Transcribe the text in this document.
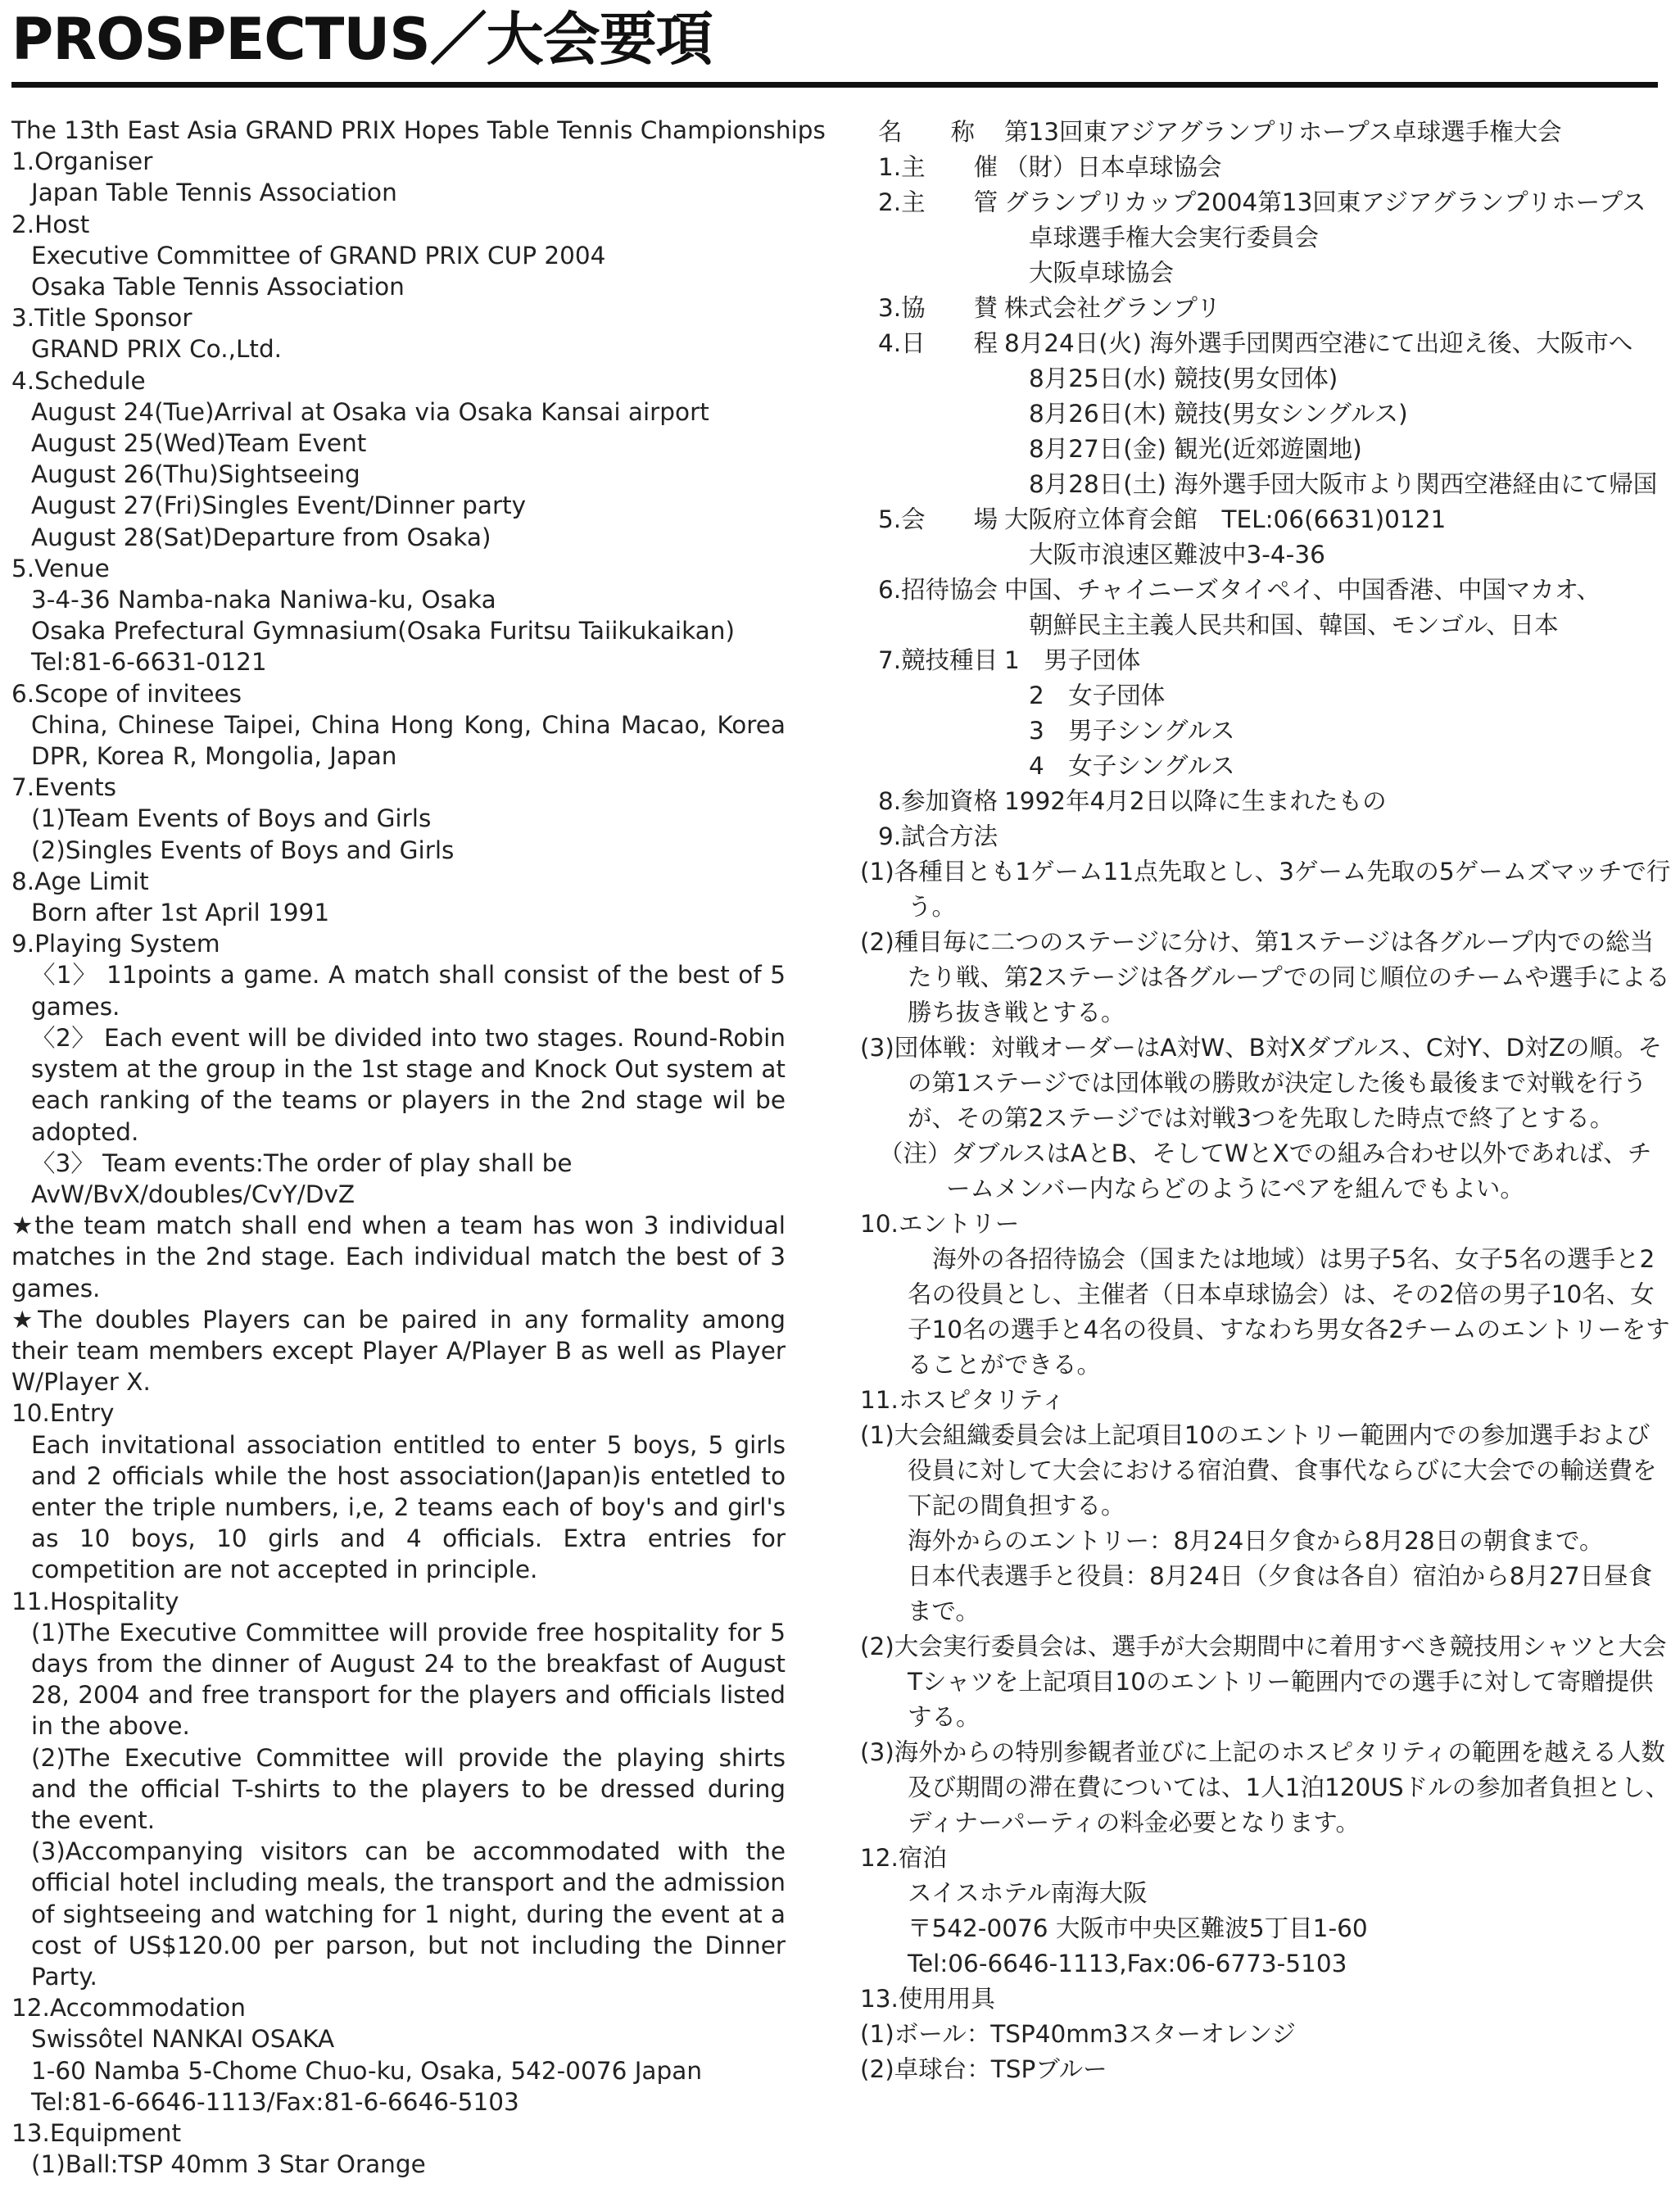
PROSPECTUS／大会要項
The 13th East Asia GRAND PRIX Hopes Table Tennis Championships
1.Organiser
Japan Table Tennis Association
2.Host
Executive Committee of GRAND PRIX CUP 2004
Osaka Table Tennis Association
3.Title Sponsor
GRAND PRIX Co.,Ltd.
4.Schedule
August 24(Tue)Arrival at Osaka via Osaka Kansai airport
August 25(Wed)Team Event
August 26(Thu)Sightseeing
August 27(Fri)Singles Event/Dinner party
August 28(Sat)Departure from Osaka)
5.Venue
3-4-36 Namba-naka Naniwa-ku, Osaka
Osaka Prefectural Gymnasium(Osaka Furitsu Taiikukaikan)
Tel:81-6-6631-0121
6.Scope of invitees
China, Chinese Taipei, China Hong Kong, China Macao, Korea DPR, Korea R, Mongolia, Japan
7.Events
(1)Team Events of Boys and Girls
(2)Singles Events of Boys and Girls
8.Age Limit
Born after 1st April 1991
9.Playing System
〈1〉 11points a game. A match shall consist of the best of 5 games.
〈2〉 Each event will be divided into two stages. Round-Robin system at the group in the 1st stage and Knock Out system at each ranking of the teams or players in the 2nd stage wil be adopted.
〈3〉 Team events:The order of play shall be
AvW/BvX/doubles/CvY/DvZ
★the team match shall end when a team has won 3 individual matches in the 2nd stage. Each individual match the best of 3 games.
★The doubles Players can be paired in any formality among their team members except Player A/Player B as well as Player W/Player X.
10.Entry
Each invitational association entitled to enter 5 boys, 5 girls and 2 officials while the host association(Japan)is entetled to enter the triple numbers, i,e, 2 teams each of boy's and girl's as 10 boys, 10 girls and 4 officials. Extra entries for competition are not accepted in principle.
11.Hospitality
(1)The Executive Committee will provide free hospitality for 5 days from the dinner of August 24 to the breakfast of August 28, 2004 and free transport for the players and officials listed in the above.
(2)The Executive Committee will provide the playing shirts and the official T-shirts to the players to be dressed during the event.
(3)Accompanying visitors can be accommodated with the official hotel including meals, the transport and the admission of sightseeing and watching for 1 night, during the event at a cost of US$120.00 per parson, but not including the Dinner Party.
12.Accommodation
Swissôtel NANKAI OSAKA
1-60 Namba 5-Chome Chuo-ku, Osaka, 542-0076 Japan
Tel:81-6-6646-1113/Fax:81-6-6646-5103
13.Equipment
(1)Ball:TSP 40mm 3 Star Orange
名　　称	第13回東アジアグランプリホープス卓球選手権大会
1.主　　催 （財）日本卓球協会
2.主　　管 グランプリカップ2004第13回東アジアグランプリホープス
卓球選手権大会実行委員会
大阪卓球協会
3.協　　賛 株式会社グランプリ
4.日　　程 8月24日(火) 海外選手団関西空港にて出迎え後、大阪市へ
8月25日(水) 競技(男女団体)
8月26日(木) 競技(男女シングルス)
8月27日(金) 観光(近郊遊園地)
8月28日(土) 海外選手団大阪市より関西空港経由にて帰国
5.会　　場 大阪府立体育会館　TEL:06(6631)0121
大阪市浪速区難波中3-4-36
6.招待協会 中国、チャイニーズタイペイ、中国香港、中国マカオ、
朝鮮民主主義人民共和国、韓国、モンゴル、日本
7.競技種目 1　男子団体
2　女子団体
3　男子シングルス
4　女子シングルス
8.参加資格 1992年4月2日以降に生まれたもの
9.試合方法
(1)各種目とも1ゲーム11点先取とし、3ゲーム先取の5ゲームズマッチで行う。
(2)種目毎に二つのステージに分け、第1ステージは各グループ内での総当たり戦、第2ステージは各グループでの同じ順位のチームや選手による勝ち抜き戦とする。
(3)団体戦：対戦オーダーはA対W、B対Xダブルス、C対Y、D対Zの順。その第1ステージでは団体戦の勝敗が決定した後も最後まで対戦を行うが、その第2ステージでは対戦3つを先取した時点で終了とする。
（注）ダブルスはAとB、そしてWとXでの組み合わせ以外であれば、チームメンバー内ならどのようにペアを組んでもよい。
10.エントリー
海外の各招待協会（国または地域）は男子5名、女子5名の選手と2名の役員とし、主催者（日本卓球協会）は、その2倍の男子10名、女子10名の選手と4名の役員、すなわち男女各2チームのエントリーをすることができる。
11.ホスピタリティ
(1)大会組織委員会は上記項目10のエントリー範囲内での参加選手および役員に対して大会における宿泊費、食事代ならびに大会での輸送費を下記の間負担する。
海外からのエントリー：8月24日夕食から8月28日の朝食まで。
日本代表選手と役員：8月24日（夕食は各自）宿泊から8月27日昼食まで。
(2)大会実行委員会は、選手が大会期間中に着用すべき競技用シャツと大会Tシャツを上記項目10のエントリー範囲内での選手に対して寄贈提供する。
(3)海外からの特別参観者並びに上記のホスピタリティの範囲を越える人数及び期間の滞在費については、1人1泊120USドルの参加者負担とし、ディナーパーティの料金必要となります。
12.宿泊
スイスホテル南海大阪
〒542-0076 大阪市中央区難波5丁目1-60
Tel:06-6646-1113,Fax:06-6773-5103
13.使用用具
(1)ボール：TSP40mm3スターオレンジ
(2)卓球台：TSPブルー
